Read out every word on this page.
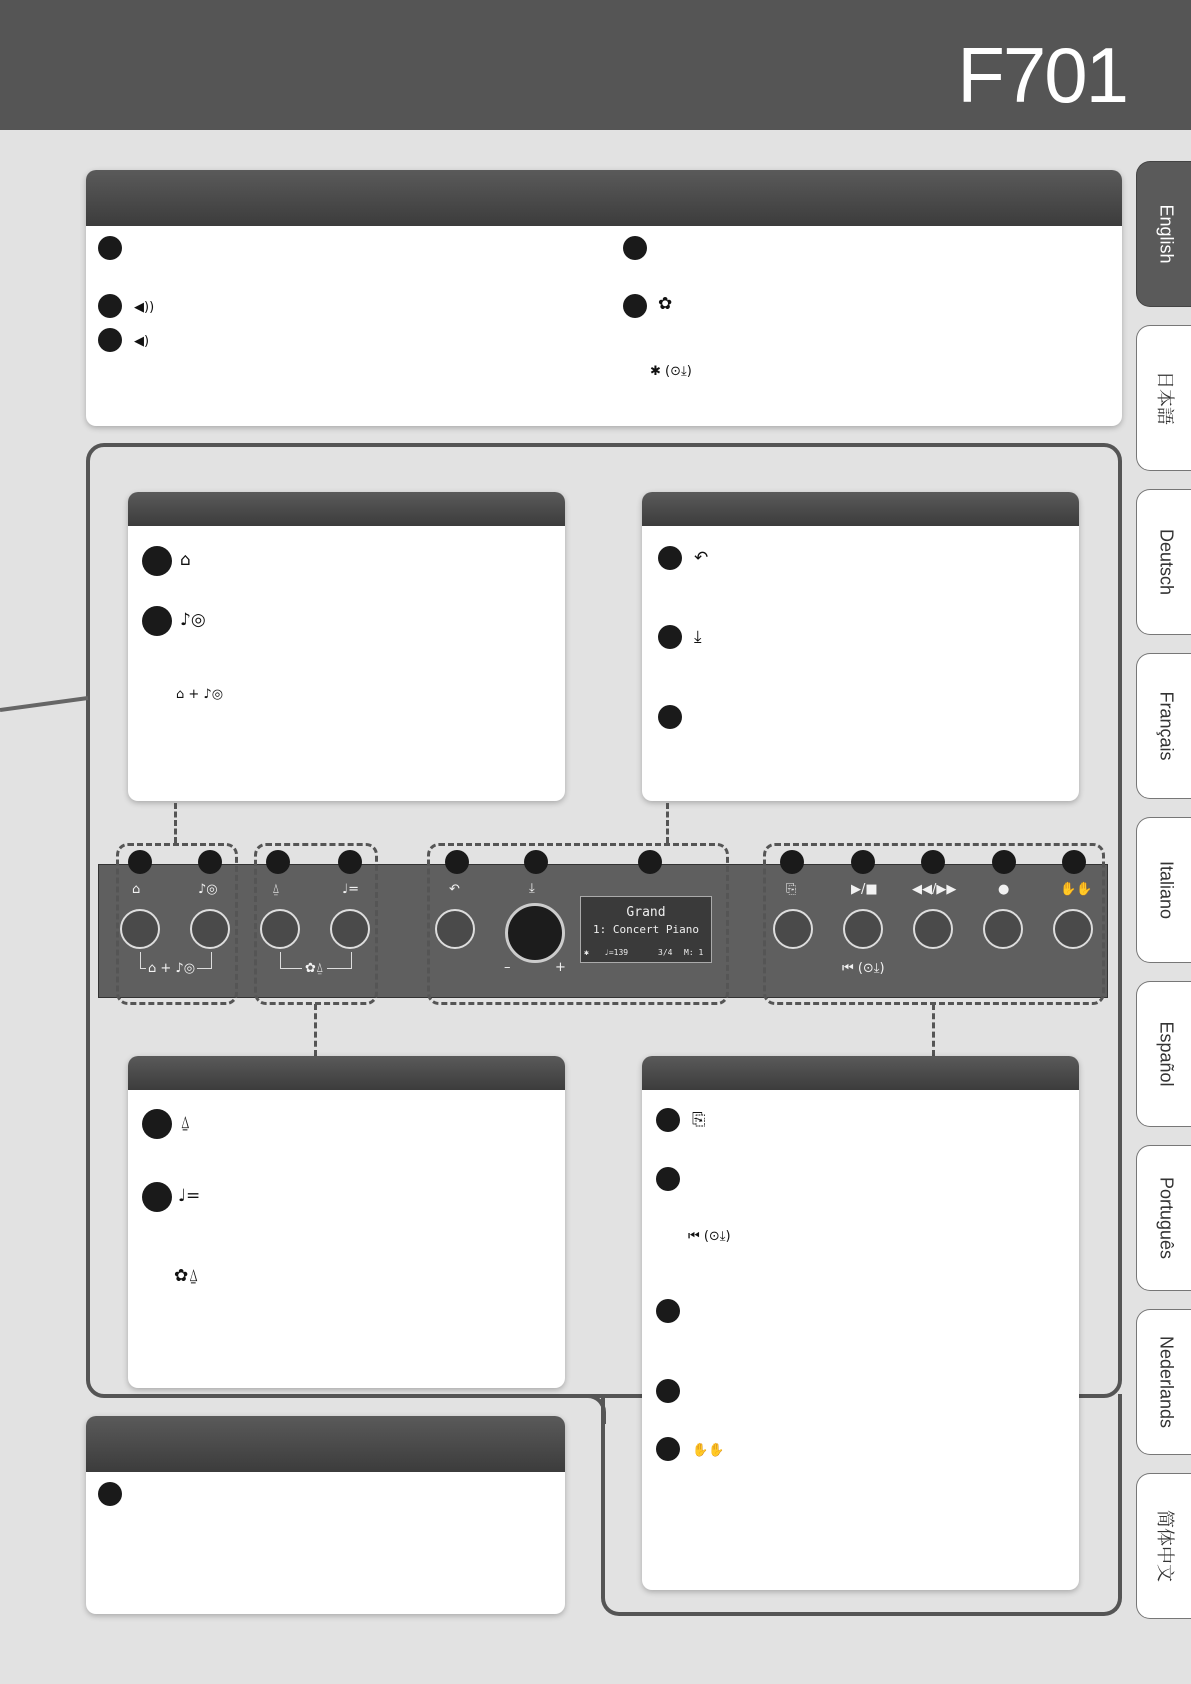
F701
◀))
◀)
✿
✱ (⊙⤓)
⌂
♪◎
⌂ + ♪◎
↶
⤓
⌂	♪◎	⍙	♩=	↶	⤓	⎘	▶/■	◀◀/▶▶	●	✋✋
⌂ + ♪◎	✿⍙	–	+	⏮ (⊙⤓)
Grand
1: Concert Piano
✱ ♩=139	3/4 M: 1
⍙
♩=
✿⍙
⎘
⏮ (⊙⤓)
✋✋
English
日本語
Deutsch
Français
Italiano
Español
Português
Nederlands
简体中文
